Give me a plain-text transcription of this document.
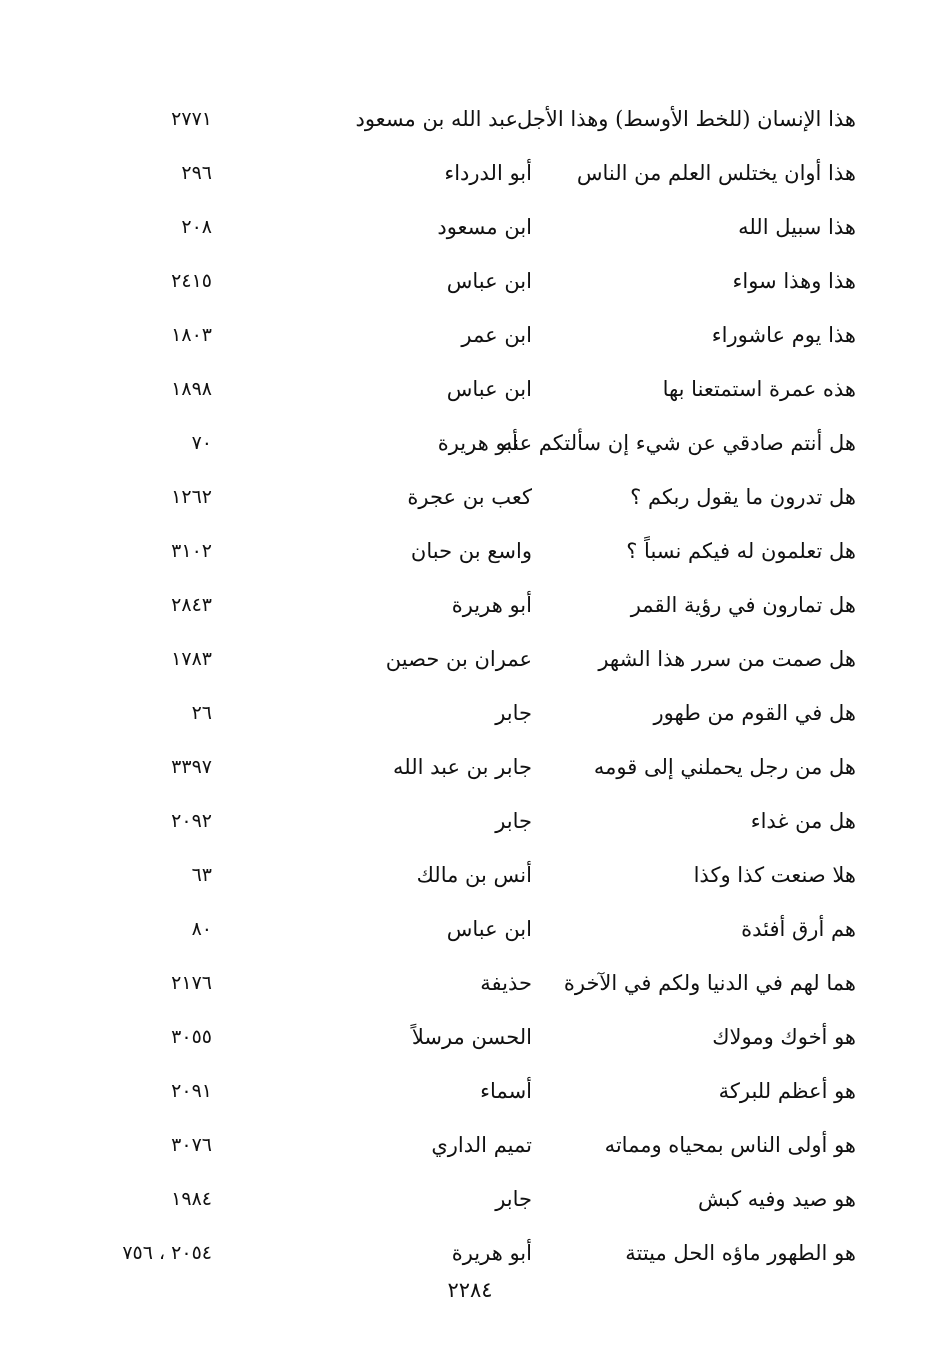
هذا الإنسان (للخط الأوسط) وهذا الأجل
عبد الله بن مسعود
٢٧٧١
هذا أوان يختلس العلم من الناس
أبو الدرداء
٢٩٦
هذا سبيل الله
ابن مسعود
٢٠٨
هذا وهذا سواء
ابن عباس
٢٤١٥
هذا يوم عاشوراء
ابن عمر
١٨٠٣
هذه عمرة استمتعنا بها
ابن عباس
١٨٩٨
هل أنتم صادقي عن شيء إن سألتكم عنه
أبو هريرة
٧٠
هل تدرون ما يقول ربكم ؟
كعب بن عجرة
١٢٦٢
هل تعلمون له فيكم نسباً ؟
واسع بن حبان
٣١٠٢
هل تمارون في رؤية القمر
أبو هريرة
٢٨٤٣
هل صمت من سرر هذا الشهر
عمران بن حصين
١٧٨٣
هل في القوم من طهور
جابر
٢٦
هل من رجل يحملني إلى قومه
جابر بن عبد الله
٣٣٩٧
هل من غداء
جابر
٢٠٩٢
هلا صنعت كذا وكذا
أنس بن مالك
٦٣
هم أرق أفئدة
ابن عباس
٨٠
هما لهم في الدنيا ولكم في الآخرة
حذيفة
٢١٧٦
هو أخوك ومولاك
الحسن مرسلاً
٣٠٥٥
هو أعظم للبركة
أسماء
٢٠٩١
هو أولى الناس بمحياه ومماته
تميم الداري
٣٠٧٦
هو صيد وفيه كبش
جابر
١٩٨٤
هو الطهور ماؤه الحل ميتتة
أبو هريرة
٢٠٥٤ ، ٧٥٦
٢٢٨٤
